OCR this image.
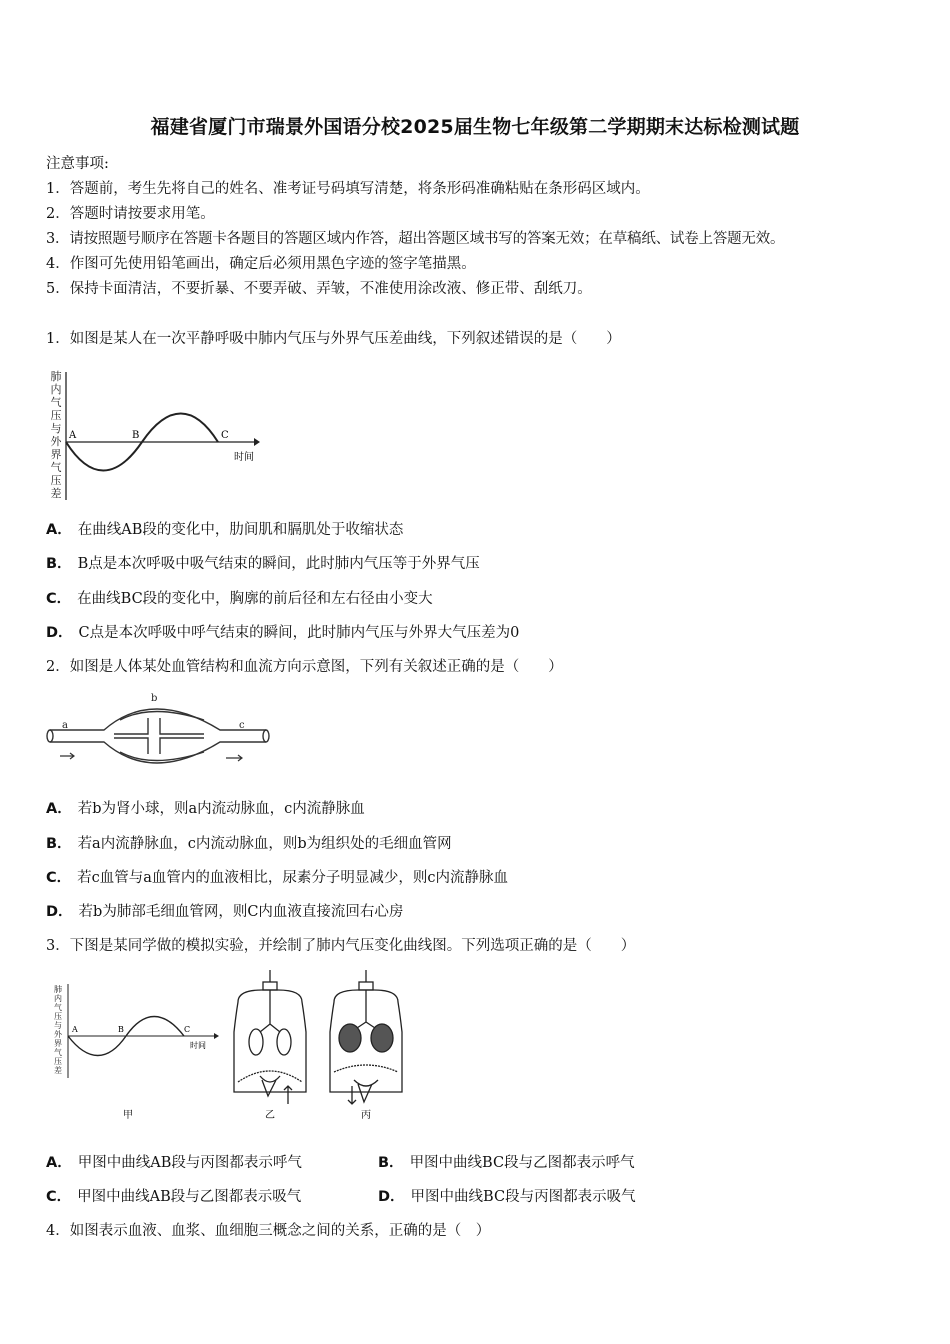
福建省厦门市瑞景外国语分校2025届生物七年级第二学期期末达标检测试题
注意事项:
1．答题前，考生先将自己的姓名、准考证号码填写清楚，将条形码准确粘贴在条形码区域内。
2．答题时请按要求用笔。
3．请按照题号顺序在答题卡各题目的答题区域内作答，超出答题区域书写的答案无效；在草稿纸、试卷上答题无效。
4．作图可先使用铅笔画出，确定后必须用黑色字迹的签字笔描黑。
5．保持卡面清洁，不要折暴、不要弄破、弄皱，不准使用涂改液、修正带、刮纸刀。
1．如图是某人在一次平静呼吸中肺内气压与外界气压差曲线，下列叙述错误的是（　　）
肺
内
气
压
与
外
界
气
压
差
A	B	C
时间
A． 在曲线AB段的变化中，肋间肌和膈肌处于收缩状态
B． B点是本次呼吸中吸气结束的瞬间，此时肺内气压等于外界气压
C． 在曲线BC段的变化中，胸廓的前后径和左右径由小变大
D． C点是本次呼吸中呼气结束的瞬间，此时肺内气压与外界大气压差为0
2．如图是人体某处血管结构和血流方向示意图，下列有关叙述正确的是（　　）
a
b
c
A． 若b为肾小球，则a内流动脉血，c内流静脉血
B． 若a内流静脉血，c内流动脉血，则b为组织处的毛细血管网
C． 若c血管与a血管内的血液相比，尿素分子明显减少，则c内流静脉血
D． 若b为肺部毛细血管网，则C内血液直接流回右心房
3．下图是某同学做的模拟实验，并绘制了肺内气压变化曲线图。下列选项正确的是（　　）
肺
内
气
压
与
外
界
气
压
差
A	B	C
时间
甲	乙	丙
A． 甲图中曲线AB段与丙图都表示呼气	B． 甲图中曲线BC段与乙图都表示呼气
C． 甲图中曲线AB段与乙图都表示吸气	D． 甲图中曲线BC段与丙图都表示吸气
4．如图表示血液、血浆、血细胞三概念之间的关系，正确的是（　）
